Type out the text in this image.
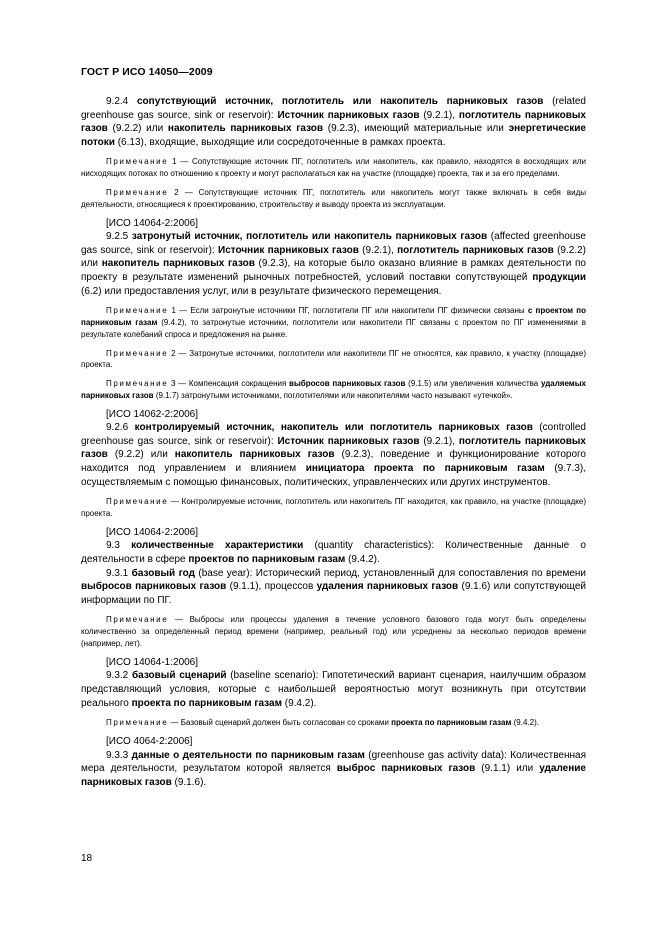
ГОСТ Р ИСО 14050—2009

9.2.4 сопутствующий источник, поглотитель или накопитель парниковых газов (related greenhouse gas source, sink or reservoir): Источник парниковых газов (9.2.1), поглотитель парниковых газов (9.2.2) или накопитель парниковых газов (9.2.3), имеющий материальные или энергетические потоки (6.13), входящие, выходящие или сосредоточенные в рамках проекта.

Примечание 1 — Сопутствующие источник ПГ, поглотитель или накопитель, как правило, находятся в восходящих или нисходящих потоках по отношению к проекту и могут располагаться как на участке (площадке) проекта, так и за его пределами.

Примечание 2 — Сопутствующие источник ПГ, поглотитель или накопитель могут также включать в себя виды деятельности, относящиеся к проектированию, строительству и выводу проекта из эксплуатации.

[ИСО 14064-2:2006]

9.2.5 затронутый источник, поглотитель или накопитель парниковых газов (affected greenhouse gas source, sink or reservoir): Источник парниковых газов (9.2.1), поглотитель парниковых газов (9.2.2) или накопитель парниковых газов (9.2.3), на которые было оказано влияние в рамках деятельности по проекту в результате изменений рыночных потребностей, условий поставки сопутствующей продукции (6.2) или предоставления услуг, или в результате физического перемещения.

Примечание 1 — Если затронутые источники ПГ, поглотители ПГ или накопители ПГ физически связаны с проектом по парниковым газам (9.4.2), то затронутые источники, поглотители или накопители ПГ связаны с проектом по ПГ изменениями в результате колебаний спроса и предложения на рынке.

Примечание 2 — Затронутые источники, поглотители или накопители ПГ не относятся, как правило, к участку (площадке) проекта.

Примечание 3 — Компенсация сокращения выбросов парниковых газов (9.1.5) или увеличения количества удаляемых парниковых газов (9.1.7) затронутыми источниками, поглотителями или накопителями часто называют «утечкой».

[ИСО 14062-2:2006]

9.2.6 контролируемый источник, накопитель или поглотитель парниковых газов (controlled greenhouse gas source, sink or reservoir): Источник парниковых газов (9.2.1), поглотитель парниковых газов (9.2.2) или накопитель парниковых газов (9.2.3), поведение и функционирование которого находится под управлением и влиянием инициатора проекта по парниковым газам (9.7.3), осуществляемым с помощью финансовых, политических, управленческих или других инструментов.

Примечание — Контролируемые источник, поглотитель или накопитель ПГ находится, как правило, на участке (площадке) проекта.

[ИСО 14064-2:2006]

9.3 количественные характеристики (quantity characteristics): Количественные данные о деятельности в сфере проектов по парниковым газам (9.4.2).

9.3.1 базовый год (base year): Исторический период, установленный для сопоставления по времени выбросов парниковых газов (9.1.1), процессов удаления парниковых газов (9.1.6) или сопутствующей информации по ПГ.

Примечание — Выбросы или процессы удаления в течение условного базового года могут быть определены количественно за определенный период времени (например, реальный год) или усреднены за несколько периодов времени (например, лет).

[ИСО 14064-1:2006]

9.3.2 базовый сценарий (baseline scenario): Гипотетический вариант сценария, наилучшим образом представляющий условия, которые с наибольшей вероятностью могут возникнуть при отсутствии реального проекта по парниковым газам (9.4.2).

Примечание — Базовый сценарий должен быть согласован со сроками проекта по парниковым газам (9.4.2).

[ИСО 4064-2:2006]

9.3.3 данные о деятельности по парниковым газам (greenhouse gas activity data): Количественная мера деятельности, результатом которой является выброс парниковых газов (9.1.1) или удаление парниковых газов (9.1.6).

18
